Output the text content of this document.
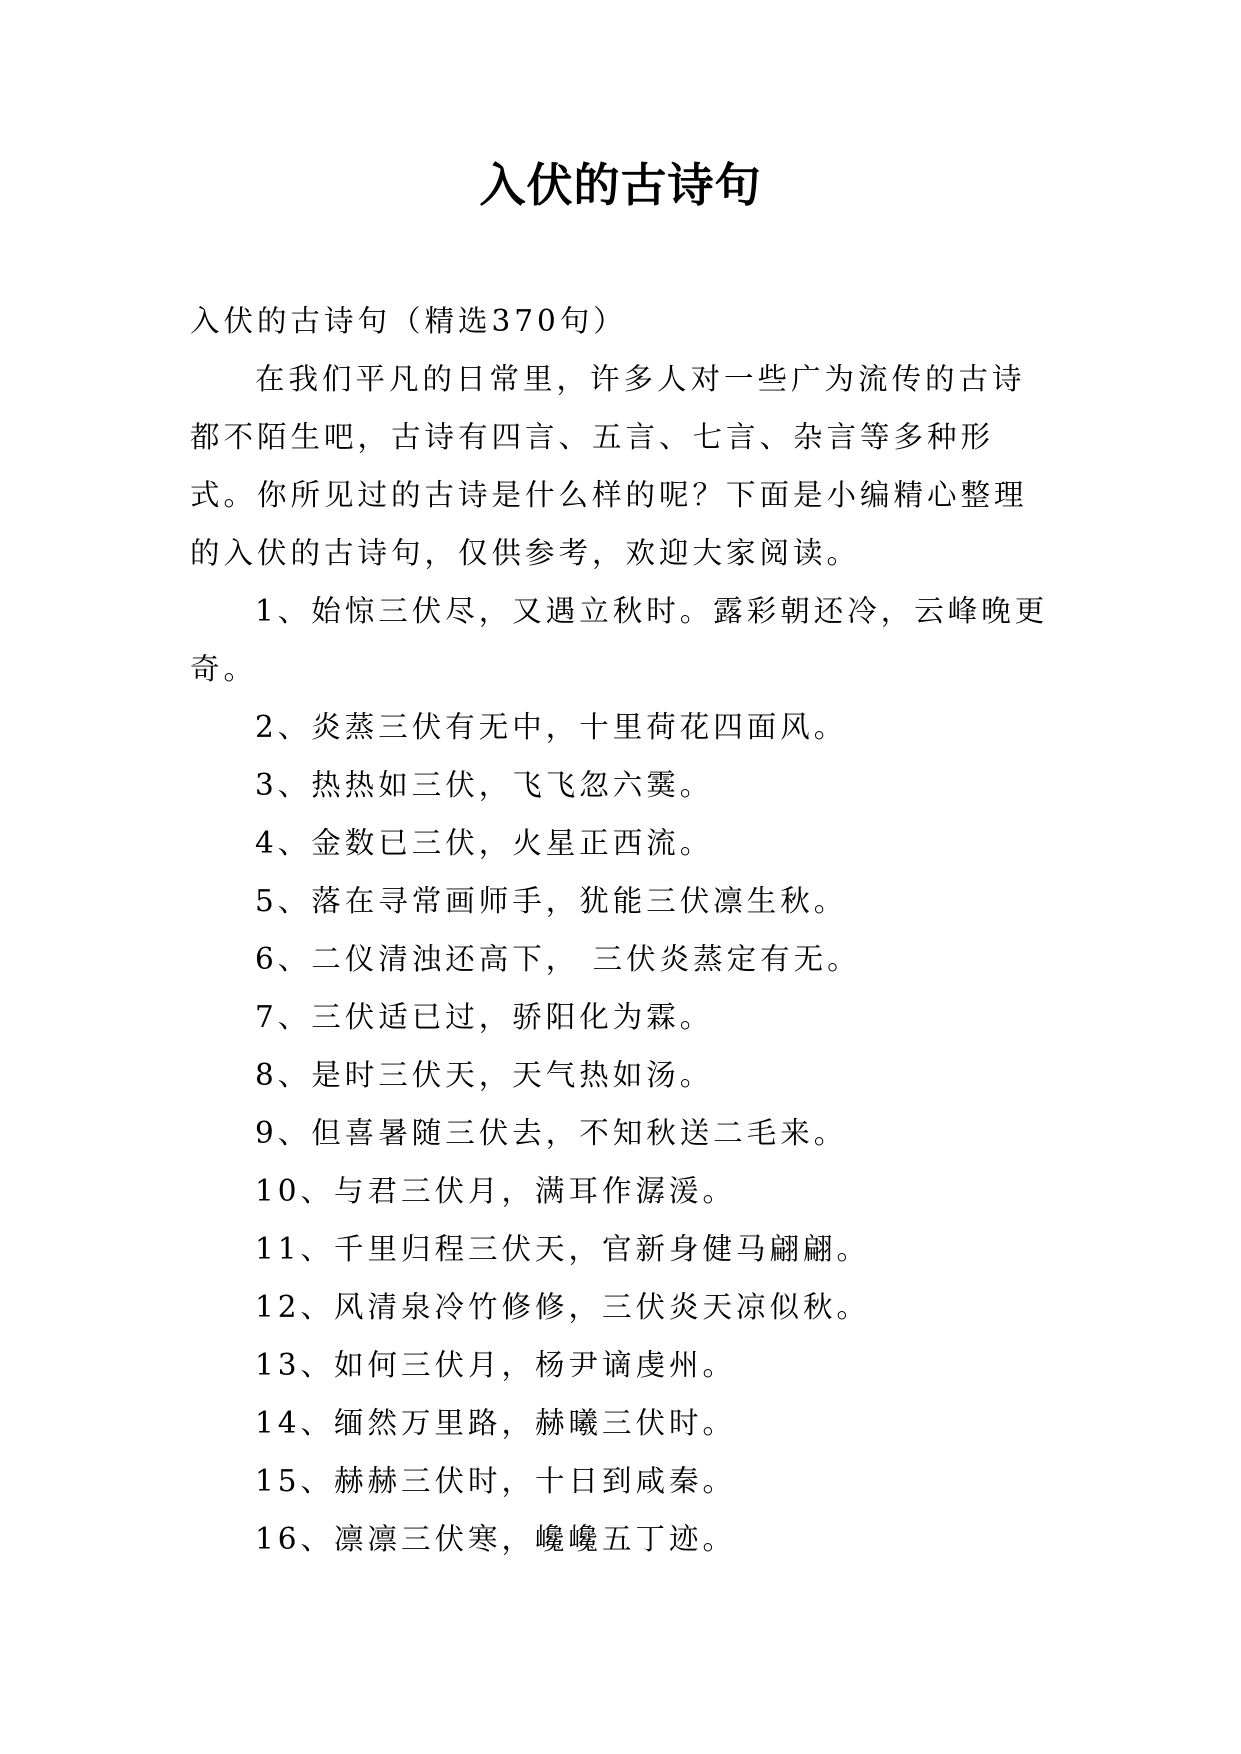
入伏的古诗句

入伏的古诗句（精选370句）

在我们平凡的日常里，许多人对一些广为流传的古诗都不陌生吧，古诗有四言、五言、七言、杂言等多种形式。你所见过的古诗是什么样的呢？下面是小编精心整理的入伏的古诗句，仅供参考，欢迎大家阅读。

1、始惊三伏尽，又遇立秋时。露彩朝还冷，云峰晚更奇。

2、炎蒸三伏有无中，十里荷花四面风。

3、热热如三伏，飞飞忽六霙。

4、金数已三伏，火星正西流。

5、落在寻常画师手，犹能三伏凛生秋。

6、二仪清浊还高下， 三伏炎蒸定有无。

7、三伏适已过，骄阳化为霖。

8、是时三伏天，天气热如汤。

9、但喜暑随三伏去，不知秋送二毛来。

10、与君三伏月，满耳作潺湲。

11、千里归程三伏天，官新身健马翩翩。

12、风清泉冷竹修修，三伏炎天凉似秋。

13、如何三伏月，杨尹谪虔州。

14、缅然万里路，赫曦三伏时。

15、赫赫三伏时，十日到咸秦。

16、凛凛三伏寒，巉巉五丁迹。
